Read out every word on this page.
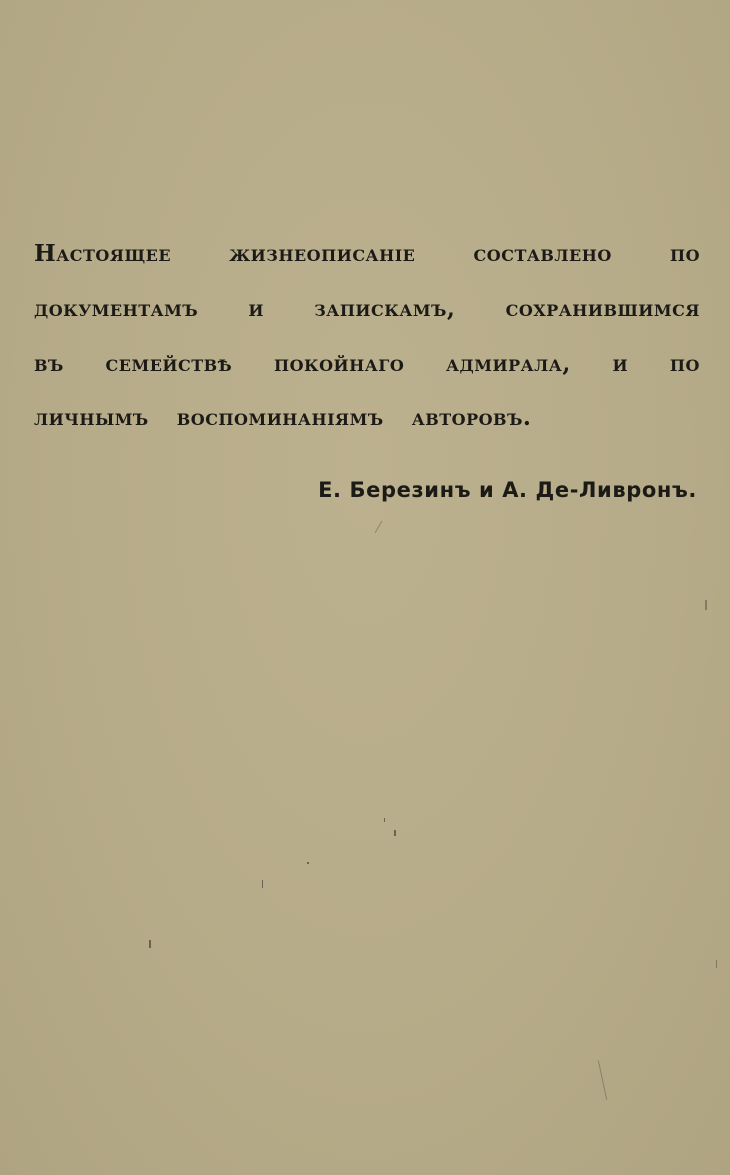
Настоящее	жизнеописаніе	составлено	по
документамъ и запискамъ, сохранившимся
въ семействѣ покойнаго адмирала, и по
личнымъ воспоминаніямъ авторовъ.
Е. Березинъ и А. Де-Ливронъ.
